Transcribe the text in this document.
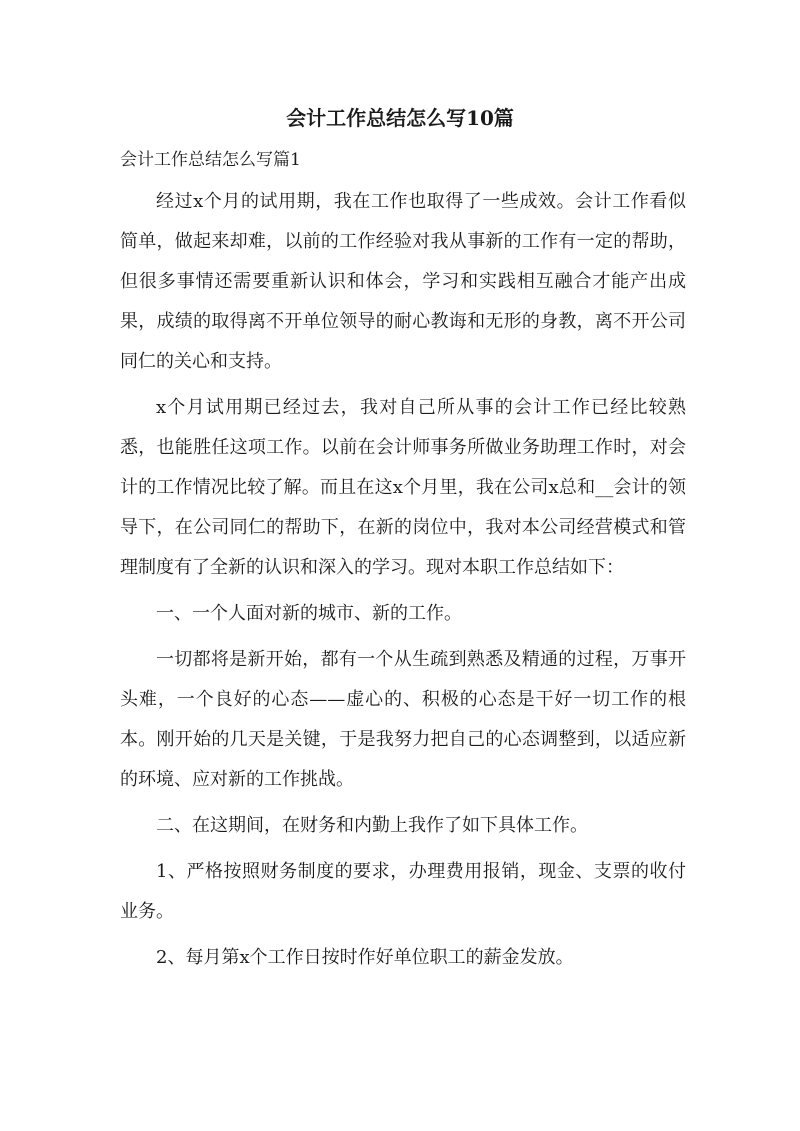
会计工作总结怎么写10篇

会计工作总结怎么写篇1

经过x个月的试用期，我在工作也取得了一些成效。会计工作看似简单，做起来却难，以前的工作经验对我从事新的工作有一定的帮助，但很多事情还需要重新认识和体会，学习和实践相互融合才能产出成果，成绩的取得离不开单位领导的耐心教诲和无形的身教，离不开公司同仁的关心和支持。

x个月试用期已经过去，我对自己所从事的会计工作已经比较熟悉，也能胜任这项工作。以前在会计师事务所做业务助理工作时，对会计的工作情况比较了解。而且在这x个月里，我在公司x总和__会计的领导下，在公司同仁的帮助下，在新的岗位中，我对本公司经营模式和管理制度有了全新的认识和深入的学习。现对本职工作总结如下：

一、一个人面对新的城市、新的工作。

一切都将是新开始，都有一个从生疏到熟悉及精通的过程，万事开头难，一个良好的心态——虚心的、积极的心态是干好一切工作的根本。刚开始的几天是关键，于是我努力把自己的心态调整到，以适应新的环境、应对新的工作挑战。

二、在这期间，在财务和内勤上我作了如下具体工作。

1、严格按照财务制度的要求，办理费用报销，现金、支票的收付业务。

2、每月第x个工作日按时作好单位职工的薪金发放。
